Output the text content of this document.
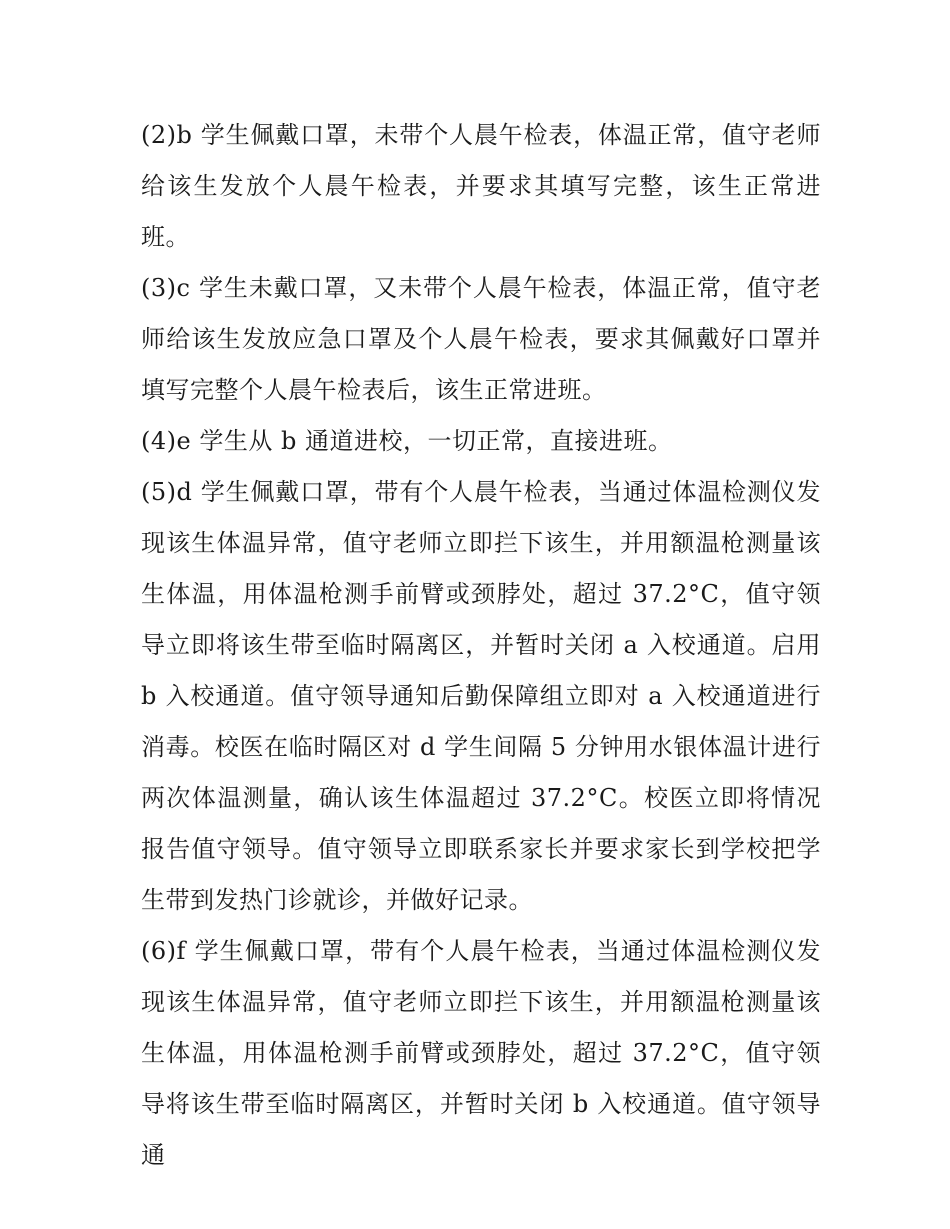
(2)b 学生佩戴口罩，未带个人晨午检表，体温正常，值守老师给该生发放个人晨午检表，并要求其填写完整，该生正常进班。

(3)c 学生未戴口罩，又未带个人晨午检表，体温正常，值守老师给该生发放应急口罩及个人晨午检表，要求其佩戴好口罩并填写完整个人晨午检表后，该生正常进班。

(4)e 学生从 b 通道进校，一切正常，直接进班。

(5)d 学生佩戴口罩，带有个人晨午检表，当通过体温检测仪发现该生体温异常，值守老师立即拦下该生，并用额温枪测量该生体温，用体温枪测手前臂或颈脖处，超过 37.2°C，值守领导立即将该生带至临时隔离区，并暂时关闭 a 入校通道。启用 b 入校通道。值守领导通知后勤保障组立即对 a 入校通道进行消毒。校医在临时隔区对 d 学生间隔 5 分钟用水银体温计进行两次体温测量，确认该生体温超过 37.2°C。校医立即将情况报告值守领导。值守领导立即联系家长并要求家长到学校把学生带到发热门诊就诊，并做好记录。

(6)f 学生佩戴口罩，带有个人晨午检表，当通过体温检测仪发现该生体温异常，值守老师立即拦下该生，并用额温枪测量该生体温，用体温枪测手前臂或颈脖处，超过 37.2°C，值守领导将该生带至临时隔离区，并暂时关闭 b 入校通道。值守领导通
